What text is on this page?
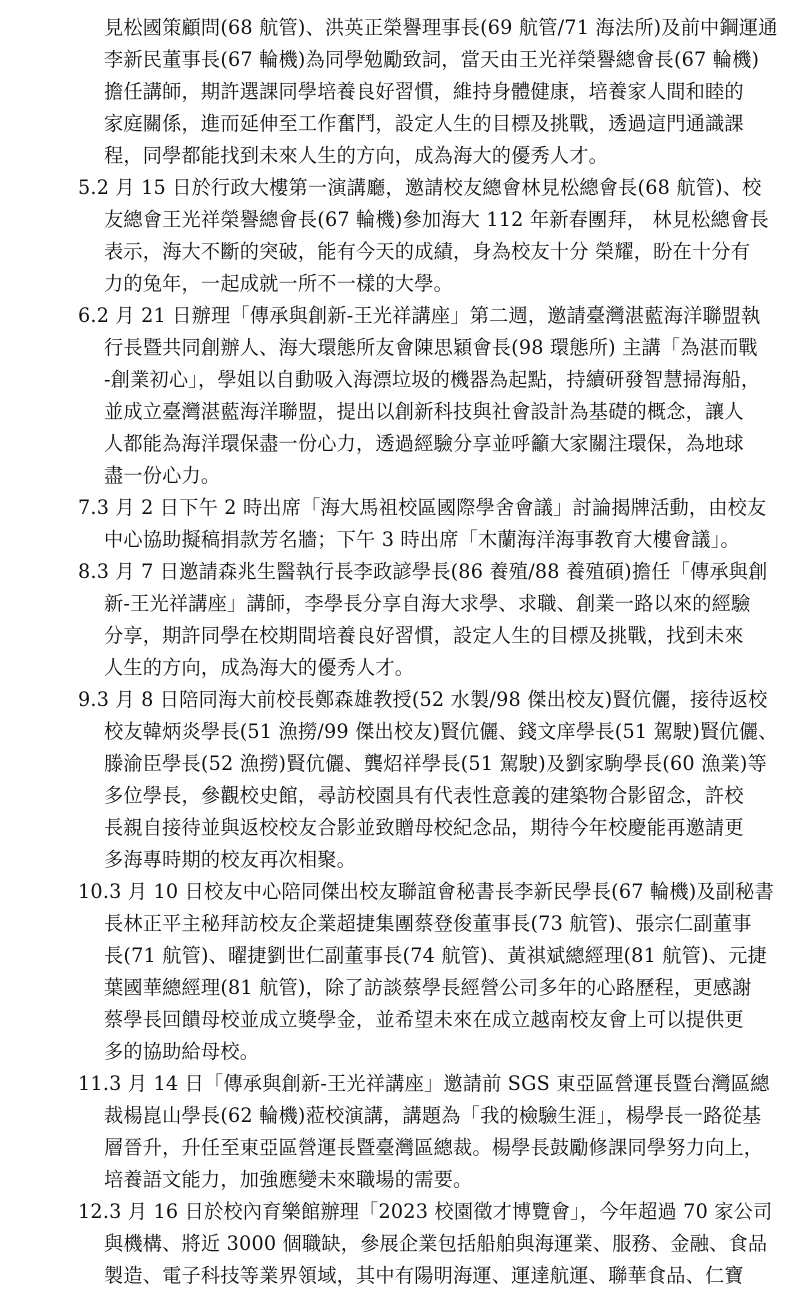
見松國策顧問(68 航管)、洪英正榮譽理事長(69 航管/71 海法所)及前中鋼運通
李新民董事長(67 輪機)為同學勉勵致詞，當天由王光祥榮譽總會長(67 輪機)
擔任講師，期許選課同學培養良好習慣，維持身體健康，培養家人間和睦的
家庭關係，進而延伸至工作奮鬥，設定人生的目標及挑戰，透過這門通識課
程，同學都能找到未來人生的方向，成為海大的優秀人才。
5.2 月 15 日於行政大樓第一演講廳，邀請校友總會林見松總會長(68 航管)、校
友總會王光祥榮譽總會長(67 輪機)參加海大 112 年新春團拜， 林見松總會長
表示，海大不斷的突破，能有今天的成績，身為校友十分 榮耀，盼在十分有
力的兔年，一起成就一所不一樣的大學。
6.2 月 21 日辦理「傳承與創新-王光祥講座」第二週，邀請臺灣湛藍海洋聯盟執
行長暨共同創辦人、海大環態所友會陳思穎會長(98 環態所) 主講「為湛而戰
-創業初心」，學姐以自動吸入海漂垃圾的機器為起點，持續研發智慧掃海船，
並成立臺灣湛藍海洋聯盟，提出以創新科技與社會設計為基礎的概念，讓人
人都能為海洋環保盡一份心力，透過經驗分享並呼籲大家關注環保，為地球
盡一份心力。
7.3 月 2 日下午 2 時出席「海大馬祖校區國際學舍會議」討論揭牌活動，由校友
中心協助擬稿捐款芳名牆；下午 3 時出席「木蘭海洋海事教育大樓會議」。
8.3 月 7 日邀請森兆生醫執行長李政諺學長(86 養殖/88 養殖碩)擔任「傳承與創
新-王光祥講座」講師，李學長分享自海大求學、求職、創業一路以來的經驗
分享，期許同學在校期間培養良好習慣，設定人生的目標及挑戰，找到未來
人生的方向，成為海大的優秀人才。
9.3 月 8 日陪同海大前校長鄭森雄教授(52 水製/98 傑出校友)賢伉儷，接待返校
校友韓炳炎學長(51 漁撈/99 傑出校友)賢伉儷、錢文庠學長(51 駕駛)賢伉儷、
滕渝臣學長(52 漁撈)賢伉儷、龔炤祥學長(51 駕駛)及劉家駒學長(60 漁業)等
多位學長，參觀校史館，尋訪校園具有代表性意義的建築物合影留念，許校
長親自接待並與返校校友合影並致贈母校紀念品，期待今年校慶能再邀請更
多海專時期的校友再次相聚。
10.3 月 10 日校友中心陪同傑出校友聯誼會秘書長李新民學長(67 輪機)及副秘書
長林正平主秘拜訪校友企業超捷集團蔡登俊董事長(73 航管)、張宗仁副董事
長(71 航管)、曜捷劉世仁副董事長(74 航管)、黃祺斌總經理(81 航管)、元捷
葉國華總經理(81 航管)，除了訪談蔡學長經營公司多年的心路歷程，更感謝
蔡學長回饋母校並成立獎學金，並希望未來在成立越南校友會上可以提供更
多的協助給母校。
11.3 月 14 日「傳承與創新-王光祥講座」邀請前 SGS 東亞區營運長暨台灣區總
裁楊崑山學長(62 輪機)蒞校演講，講題為「我的檢驗生涯」，楊學長一路從基
層晉升，升任至東亞區營運長暨臺灣區總裁。楊學長鼓勵修課同學努力向上，
培養語文能力，加強應變未來職場的需要。
12.3 月 16 日於校內育樂館辦理「2023 校園徵才博覽會」，今年超過 70 家公司
與機構、將近 3000 個職缺，參展企業包括船舶與海運業、服務、金融、食品
製造、電子科技等業界領域，其中有陽明海運、運達航運、聯華食品、仁寶
